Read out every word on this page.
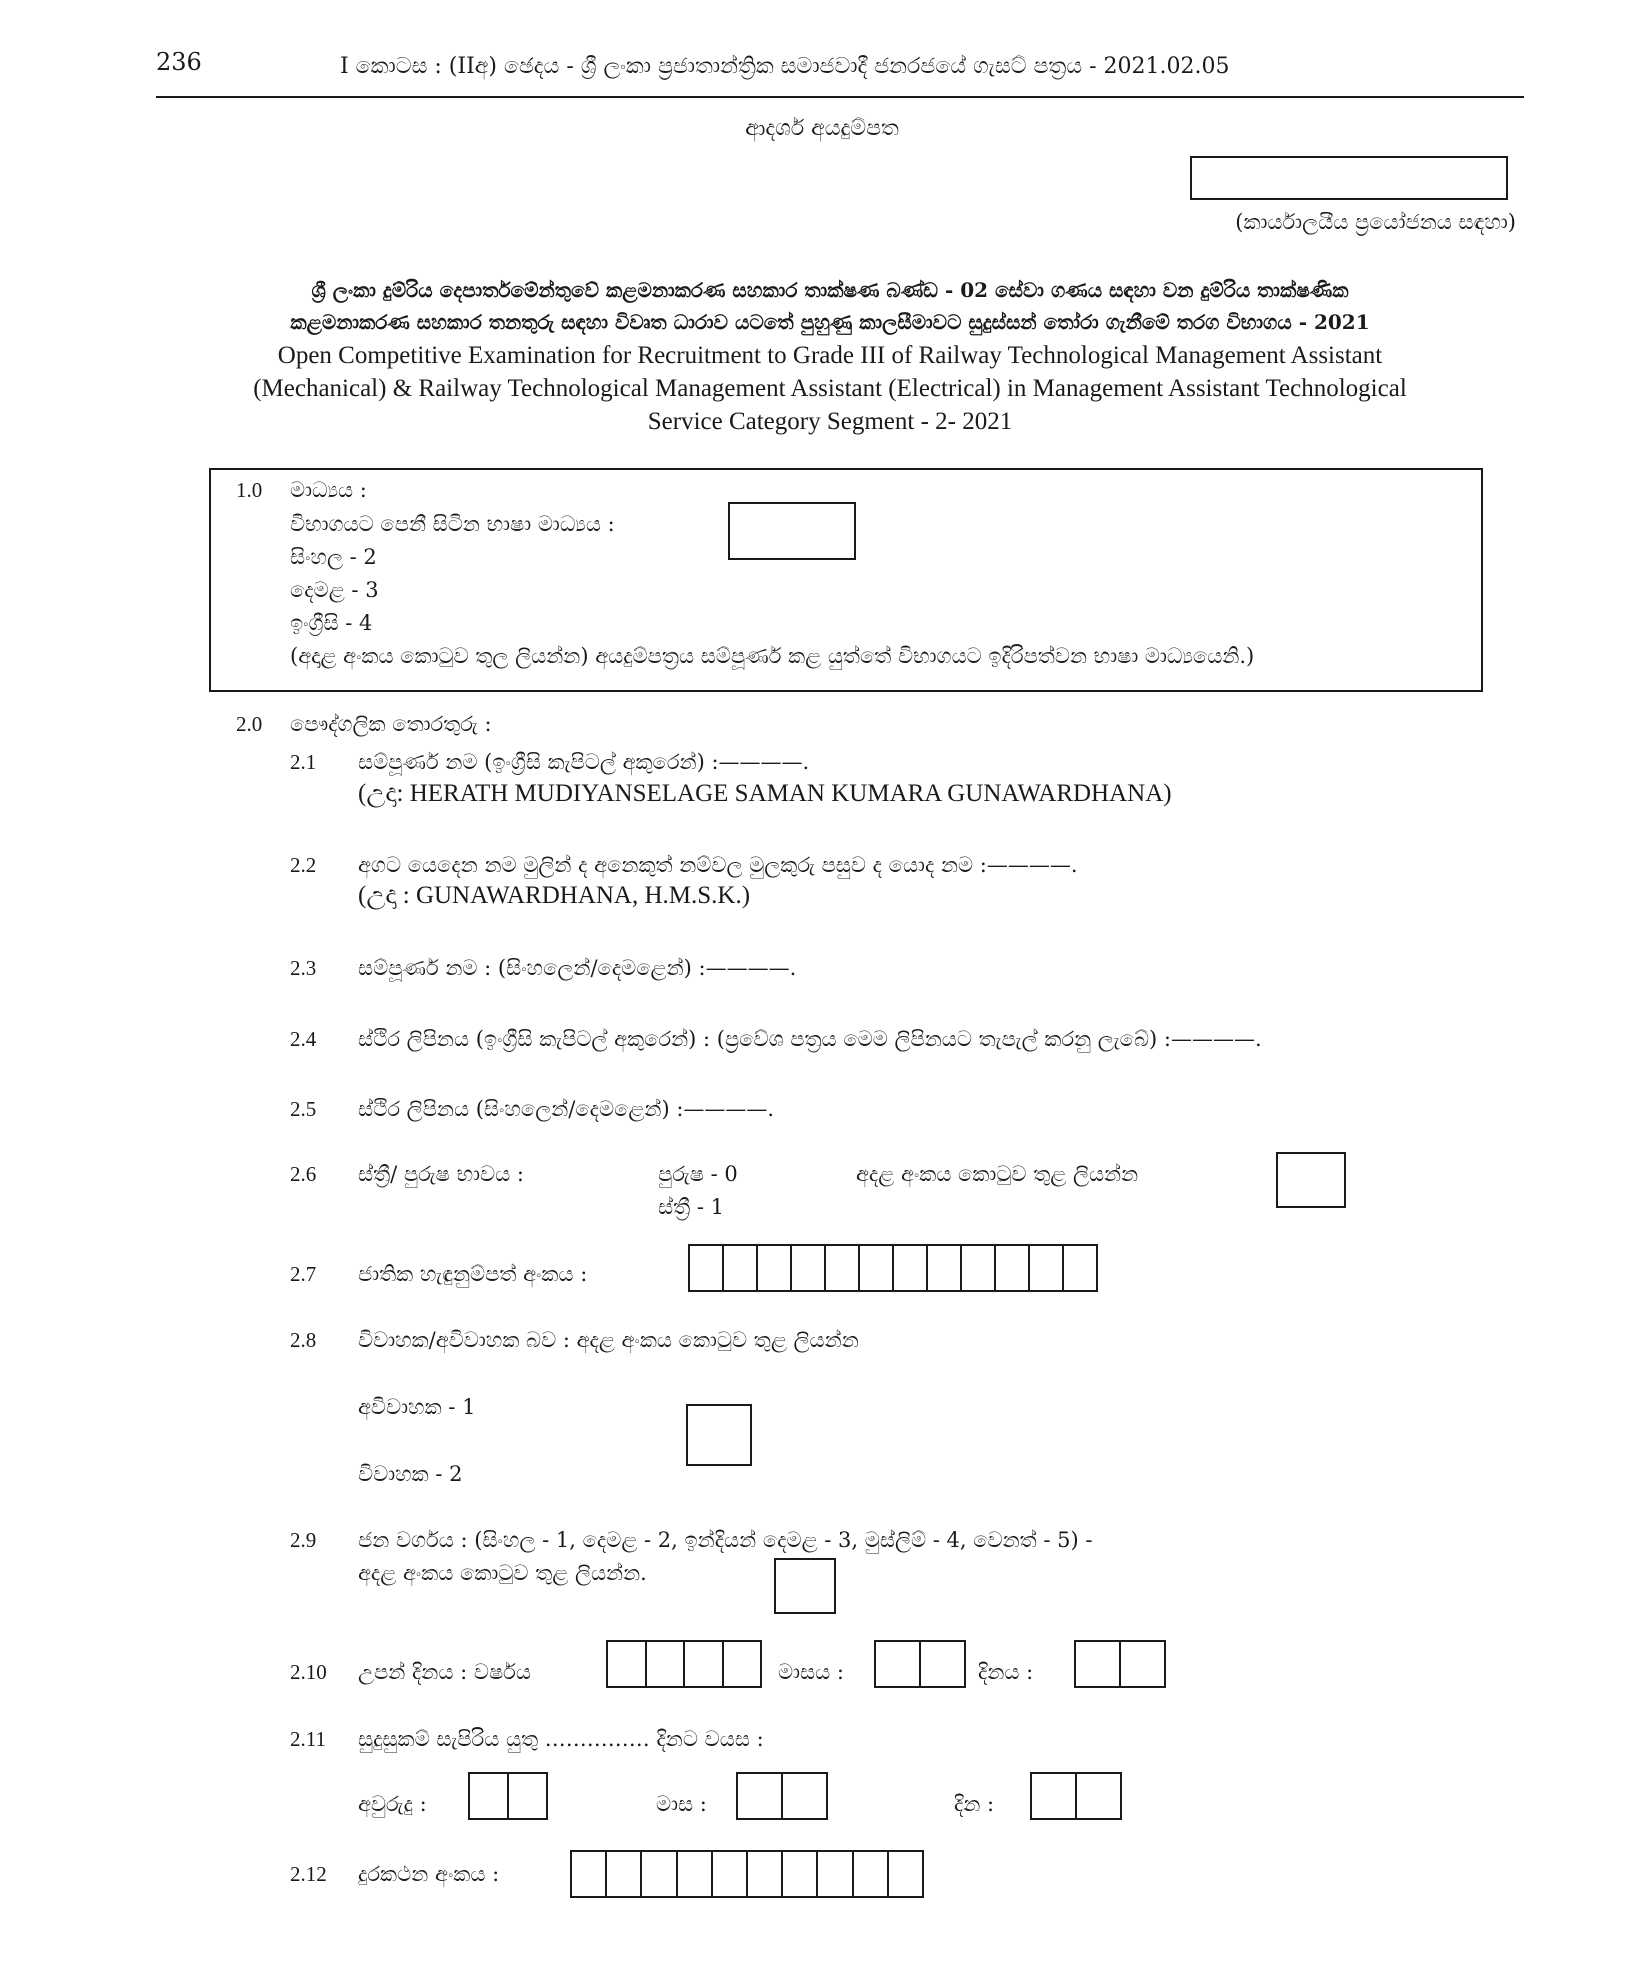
236	I කොටස : (IIඅ) ඡෙදය - ශ්‍රී ලංකා ප්‍රජාතාන්ත්‍රික සමාජවාදී ජනරජයේ ගැසට් පත්‍රය - 2021.02.05
ආදර්ශ අයදුම්පත
(කාර්යාලයීය ප්‍රයෝජනය සඳහා)
ශ්‍රී ලංකා දුම්රිය දෙපාර්තමේන්තුවේ කළමනාකරණ සහකාර තාක්ෂණ බණ්ඩ - 02 සේවා ගණය සඳහා වන දුම්රිය තාක්ෂණික
කළමනාකරණ සහකාර තනතුරු සඳහා විවෘත ධාරාව යටතේ පුහුණු කාලසීමාවට සුදුස්සන් තෝරා ගැනීමේ තරග විභාගය - 2021
Open Competitive Examination for Recruitment to Grade III of Railway Technological Management Assistant
(Mechanical) & Railway Technological Management Assistant (Electrical) in Management Assistant Technological
Service Category Segment - 2- 2021
1.0 මාධ්‍යය :
විභාගයට පෙනී සිටින භාෂා මාධ්‍යය :
සිංහල - 2
දෙමළ - 3
ඉංග්‍රීසි - 4
(අදාළ අංකය කොටුව තුල ලියන්න) අයදුම්පත්‍රය සම්පූර්ණ කළ යුත්තේ විභාගයට ඉදිරිපත්වන භාෂා මාධ්‍යයෙනි.)
2.0 පෞද්ගලික තොරතුරු :
2.1 සම්පූර්ණ නම (ඉංග්‍රීසි කැපිටල් අකුරෙන්) :————.
(උදා: HERATH MUDIYANSELAGE SAMAN KUMARA GUNAWARDHANA)
2.2 අගට යෙදෙන නම මුලින් ද අනෙකුත් නම්වල මුලකුරු පසුව ද යොද නම :————.
(උදා : GUNAWARDHANA, H.M.S.K.)
2.3 සම්පූර්ණ නම : (සිංහලෙන්/දෙමළෙන්) :————.
2.4 ස්ථිර ලිපිනය (ඉංග්‍රීසි කැපිටල් අකුරෙන්) : (ප්‍රවේශ පත්‍රය මෙම ලිපිනයට තැපැල් කරනු ලැබේ) :————.
2.5 ස්ථිර ලිපිනය (සිංහලෙන්/දෙමළෙන්) :————.
2.6 ස්ත්‍රී/ පුරුෂ භාවය :	පුරුෂ - 0
ස්ත්‍රී - 1
අදළ අංකය කොටුව තුළ ලියන්න
2.7 ජාතික හැඳුනුම්පත් අංකය :
2.8 විවාහක/අවිවාහක බව : අදළ අංකය කොටුව තුළ ලියන්න
අවිවාහක - 1
විවාහක - 2
2.9 ජන වර්ගය : (සිංහල - 1, දෙමළ - 2, ඉන්දියන් දෙමළ - 3, මුස්ලිම් - 4, වෙනත් - 5) -
අදළ අංකය කොටුව තුළ ලියන්න.
2.10 උපන් දිනය : වර්ෂය	මාසය :	දිනය :
2.11 සුදුසුකම් සැපිරිය යුතු …………… දිනට වයස :
අවුරුදු :	මාස :	දින :
2.12 දුරකථන අංකය :
